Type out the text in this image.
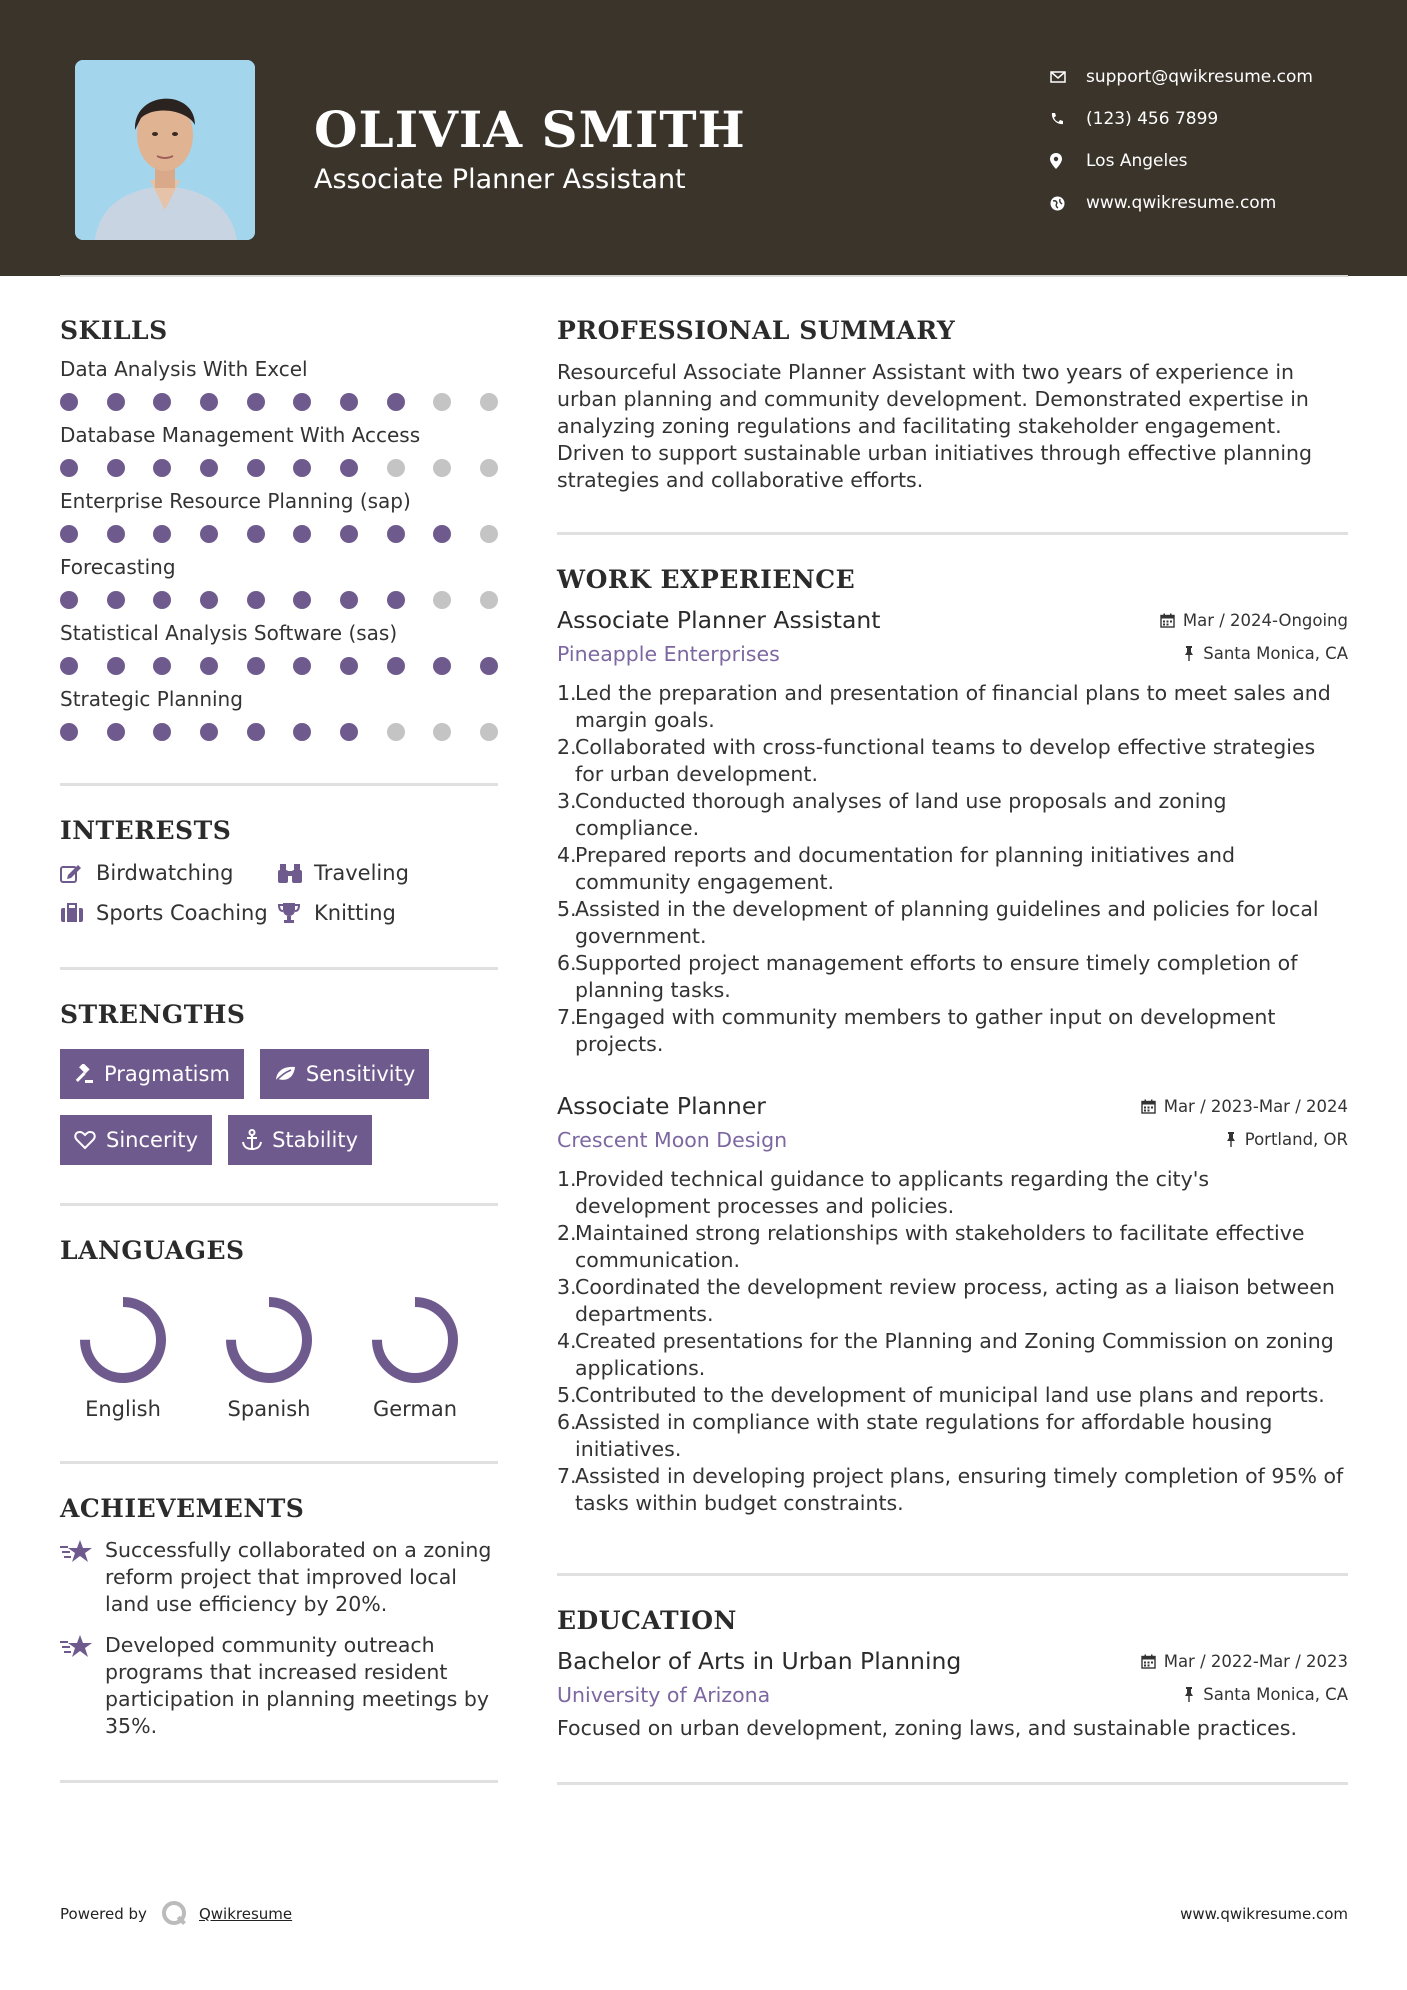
OLIVIA SMITH
Associate Planner Assistant
support@qwikresume.com
(123) 456 7899
Los Angeles
www.qwikresume.com
SKILLS
Data Analysis With Excel
Database Management With Access
Enterprise Resource Planning (sap)
Forecasting
Statistical Analysis Software (sas)
Strategic Planning
INTERESTS
Birdwatching	Traveling
Sports Coaching Knitting
STRENGTHS
Pragmatism	Sensitivity
Sincerity	Stability
LANGUAGES
English	Spanish	German
ACHIEVEMENTS
Successfully collaborated on a zoning reform project that improved local land use efficiency by 20%.
Developed community outreach programs that increased resident participation in planning meetings by 35%.
PROFESSIONAL SUMMARY
Resourceful Associate Planner Assistant with two years of experience in urban planning and community development. Demonstrated expertise in analyzing zoning regulations and facilitating stakeholder engagement. Driven to support sustainable urban initiatives through effective planning strategies and collaborative efforts.
WORK EXPERIENCE
Associate Planner Assistant	Mar / 2024-Ongoing
Pineapple Enterprises	Santa Monica, CA
1.
Led the preparation and presentation of financial plans to meet sales and margin goals.
2.
Collaborated with cross-functional teams to develop effective strategies for urban development.
3.
Conducted thorough analyses of land use proposals and zoning compliance.
4.
Prepared reports and documentation for planning initiatives and community engagement.
5.
Assisted in the development of planning guidelines and policies for local government.
6.
Supported project management efforts to ensure timely completion of planning tasks.
7.
Engaged with community members to gather input on development projects.
Associate Planner	Mar / 2023-Mar / 2024
Crescent Moon Design	Portland, OR
1.
Provided technical guidance to applicants regarding the city's development processes and policies.
2.
Maintained strong relationships with stakeholders to facilitate effective communication.
3.
Coordinated the development review process, acting as a liaison between departments.
4.
Created presentations for the Planning and Zoning Commission on zoning applications.
5.
Contributed to the development of municipal land use plans and reports.
6.
Assisted in compliance with state regulations for affordable housing initiatives.
7.
Assisted in developing project plans, ensuring timely completion of 95% of tasks within budget constraints.
EDUCATION
Bachelor of Arts in Urban Planning	Mar / 2022-Mar / 2023
University of Arizona	Santa Monica, CA
Focused on urban development, zoning laws, and sustainable practices.
Powered by	Qwikresume	www.qwikresume.com
